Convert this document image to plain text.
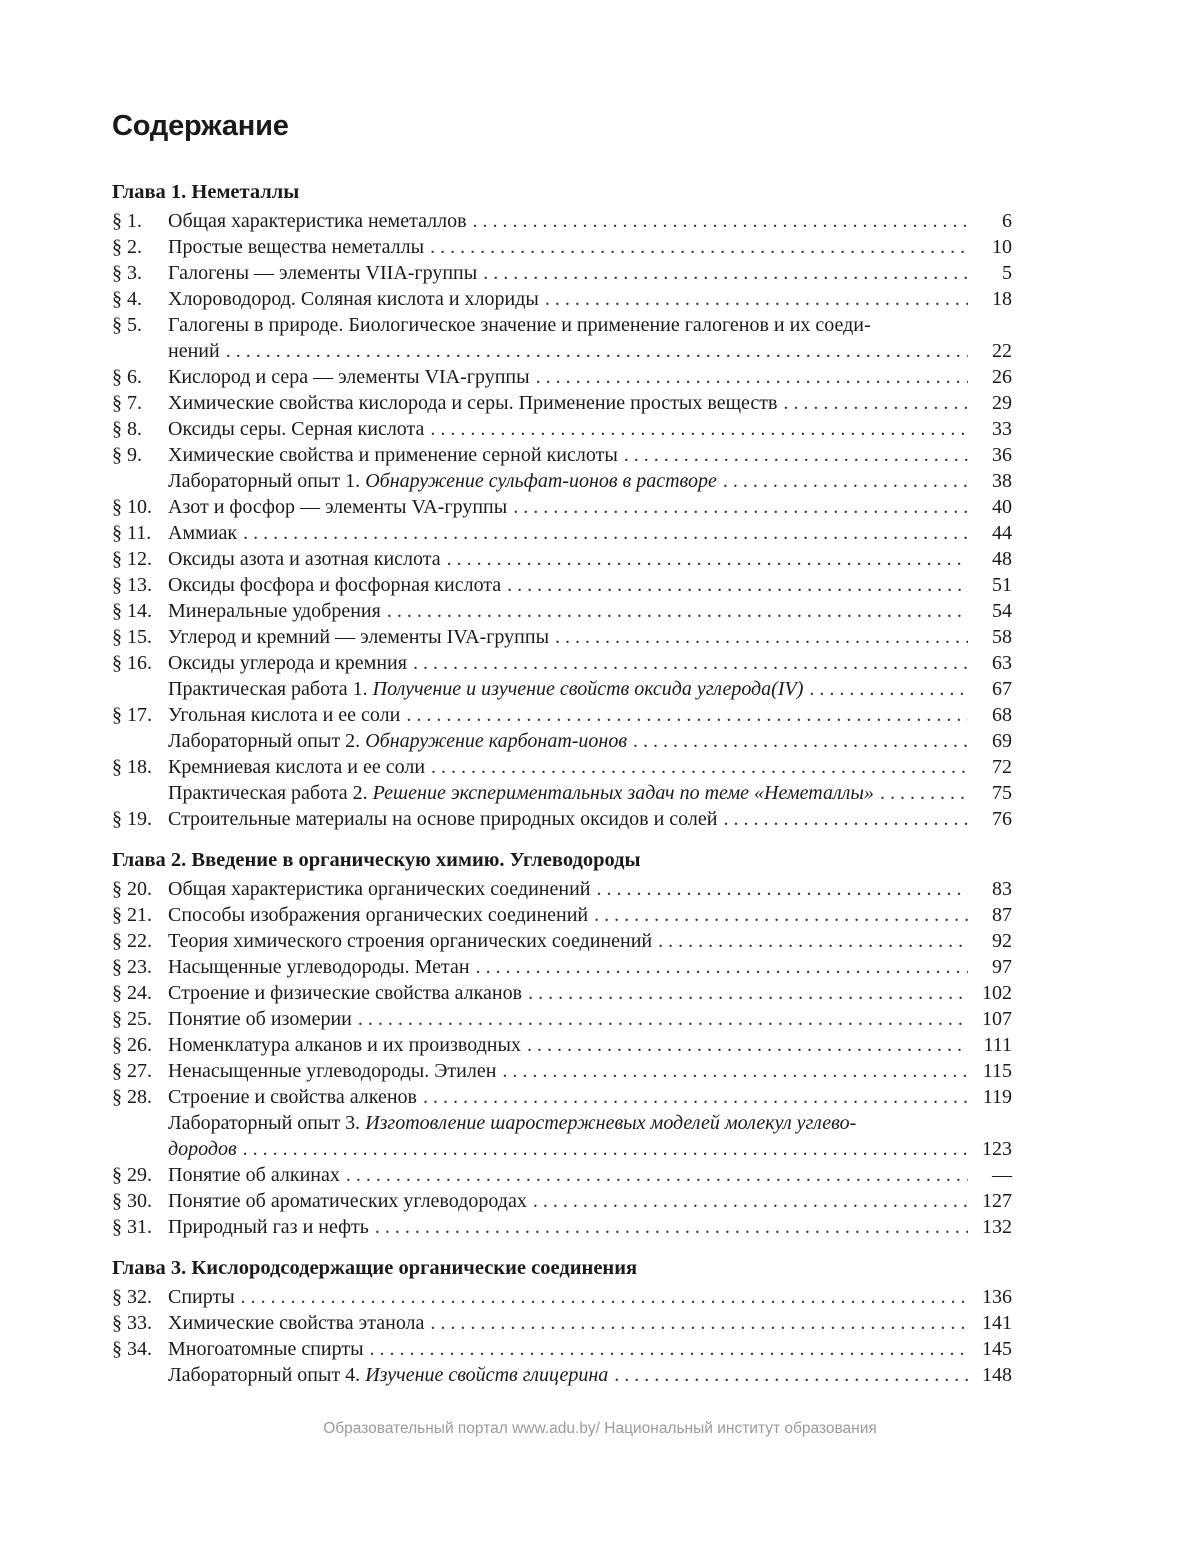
Содержание
Глава 1. Неметаллы
§ 1.	Общая характеристика неметаллов . . .	6
§ 2.	Простые вещества неметаллы . . .	10
§ 3.	Галогены — элементы VIIA-группы . . .	5
§ 4.	Хлороводород. Соляная кислота и хлориды . . .	18
§ 5.	Галогены в природе. Биологическое значение и применение галогенов и их соеди-
нений . . .	22
§ 6.	Кислород и сера — элементы VIA-группы . . .	26
§ 7.	Химические свойства кислорода и серы. Применение простых веществ . . .	29
§ 8.	Оксиды серы. Серная кислота . . .	33
§ 9.	Химические свойства и применение серной кислоты . . .	36
Лабораторный опыт 1. Обнаружение сульфат-ионов в растворе . . .	38
§ 10. Азот и фосфор — элементы VA-группы . . .	40
§ 11. Аммиак . . .	44
§ 12. Оксиды азота и азотная кислота . . .	48
§ 13. Оксиды фосфора и фосфорная кислота . . .	51
§ 14. Минеральные удобрения . . .	54
§ 15. Углерод и кремний — элементы IVA-группы . . .	58
§ 16. Оксиды углерода и кремния . . .	63
Практическая работа 1. Получение и изучение свойств оксида углерода(IV) . . .	67
§ 17. Угольная кислота и ее соли . . .	68
Лабораторный опыт 2. Обнаружение карбонат-ионов . . .	69
§ 18. Кремниевая кислота и ее соли . . .	72
Практическая работа 2. Решение экспериментальных задач по теме «Неметаллы» . . .	75
§ 19. Строительные материалы на основе природных оксидов и солей . . .	76
Глава 2. Введение в органическую химию. Углеводороды
§ 20. Общая характеристика органических соединений . . .	83
§ 21. Способы изображения органических соединений . . .	87
§ 22. Теория химического строения органических соединений . . .	92
§ 23. Насыщенные углеводороды. Метан . . .	97
§ 24. Строение и физические свойства алканов . . .	102
§ 25. Понятие об изомерии . . .	107
§ 26. Номенклатура алканов и их производных . . .	111
§ 27. Ненасыщенные углеводороды. Этилен . . .	115
§ 28. Строение и свойства алкенов . . .	119
Лабораторный опыт 3. Изготовление шаростержневых моделей молекул углево-
дородов . . .	123
§ 29. Понятие об алкинах . . .	—
§ 30. Понятие об ароматических углеводородах . . .	127
§ 31. Природный газ и нефть . . .	132
Глава 3. Кислородсодержащие органические соединения
§ 32. Спирты . . .	136
§ 33. Химические свойства этанола . . .	141
§ 34. Многоатомные спирты . . .	145
Лабораторный опыт 4. Изучение свойств глицерина . . .	148
Образовательный портал www.adu.by/ Национальный институт образования
